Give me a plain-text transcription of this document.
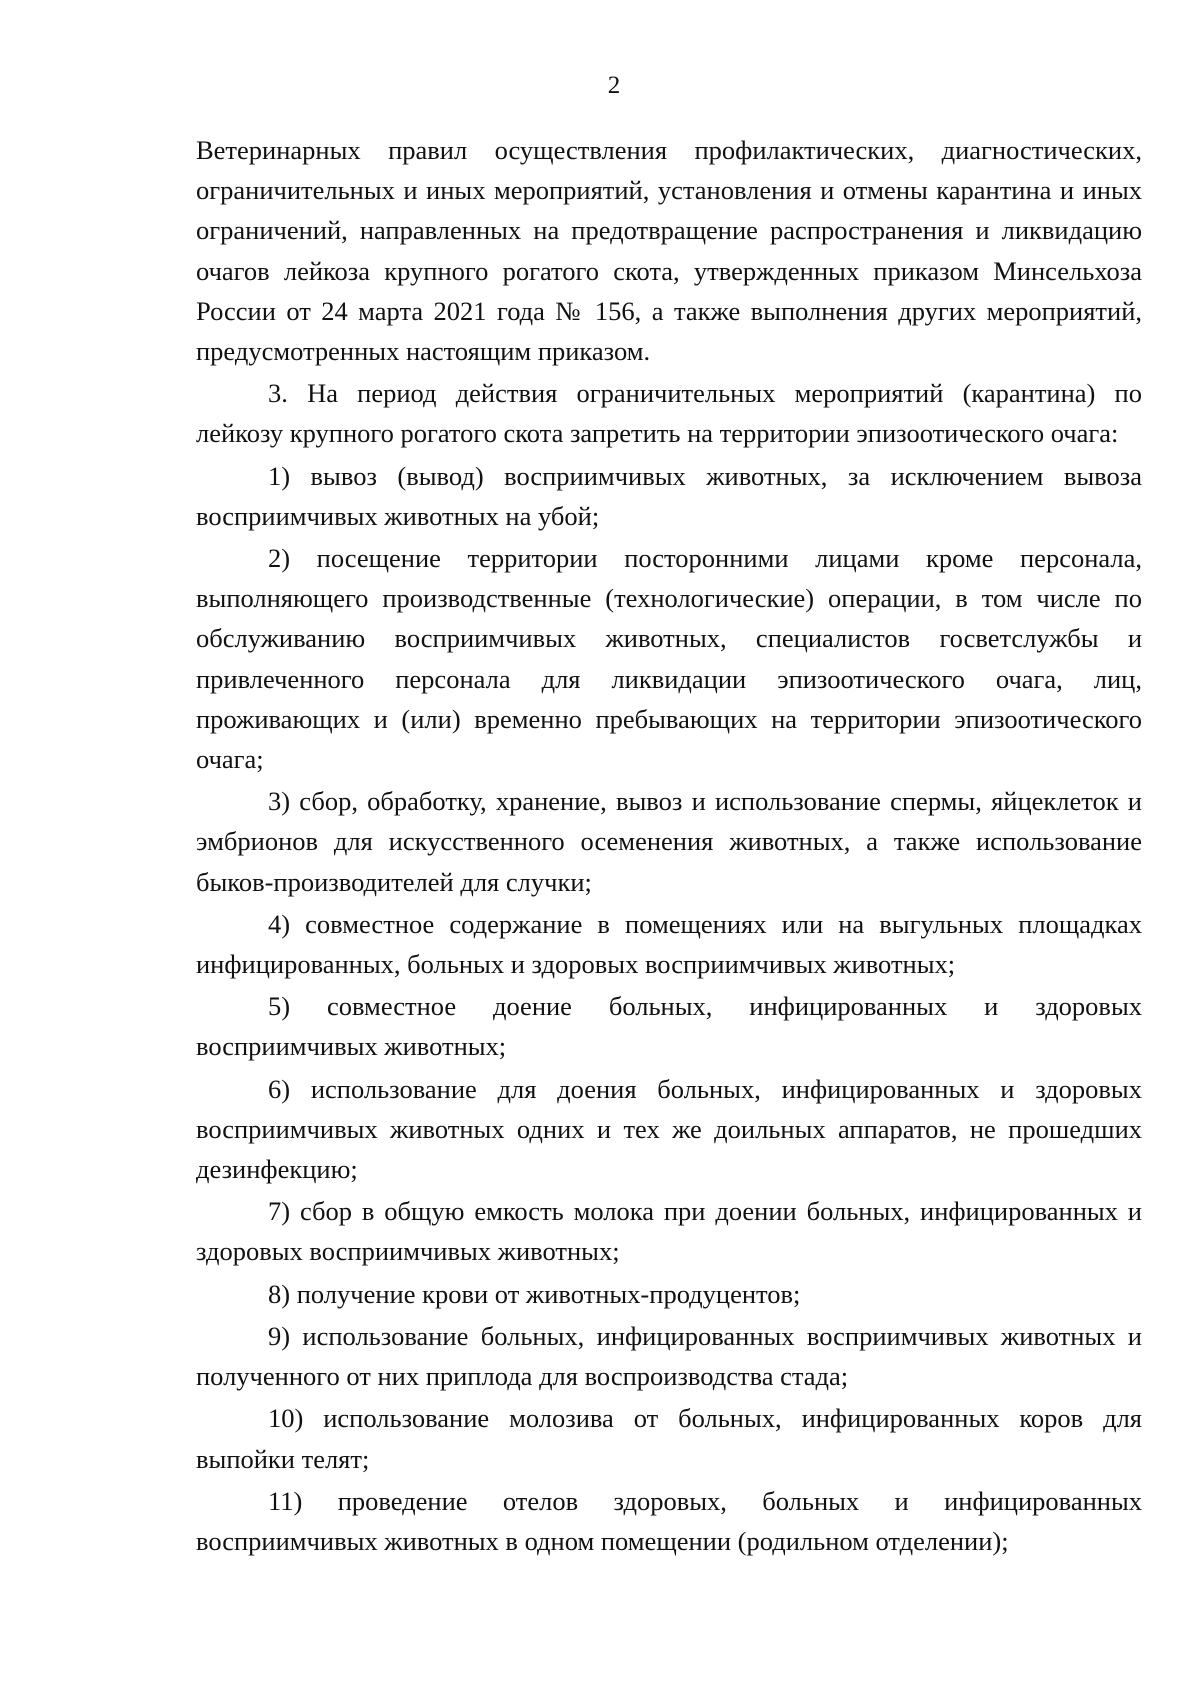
2

Ветеринарных правил осуществления профилактических, диагностических, ограничительных и иных мероприятий, установления и отмены карантина и иных ограничений, направленных на предотвращение распространения и ликвидацию очагов лейкоза крупного рогатого скота, утвержденных приказом Минсельхоза России от 24 марта 2021 года № 156, а также выполнения других мероприятий, предусмотренных настоящим приказом.

3. На период действия ограничительных мероприятий (карантина) по лейкозу крупного рогатого скота запретить на территории эпизоотического очага:

1) вывоз (вывод) восприимчивых животных, за исключением вывоза восприимчивых животных на убой;

2) посещение территории посторонними лицами кроме персонала, выполняющего производственные (технологические) операции, в том числе по обслуживанию восприимчивых животных, специалистов госветслужбы и привлеченного персонала для ликвидации эпизоотического очага, лиц, проживающих и (или) временно пребывающих на территории эпизоотического очага;

3) сбор, обработку, хранение, вывоз и использование спермы, яйцеклеток и эмбрионов для искусственного осеменения животных, а также использование быков-производителей для случки;

4) совместное содержание в помещениях или на выгульных площадках инфицированных, больных и здоровых восприимчивых животных;

5) совместное доение больных, инфицированных и здоровых восприимчивых животных;

6) использование для доения больных, инфицированных и здоровых восприимчивых животных одних и тех же доильных аппаратов, не прошедших дезинфекцию;

7) сбор в общую емкость молока при доении больных, инфицированных и здоровых восприимчивых животных;

8) получение крови от животных-продуцентов;

9) использование больных, инфицированных восприимчивых животных и полученного от них приплода для воспроизводства стада;

10) использование молозива от больных, инфицированных коров для выпойки телят;

11) проведение отелов здоровых, больных и инфицированных восприимчивых животных в одном помещении (родильном отделении);
